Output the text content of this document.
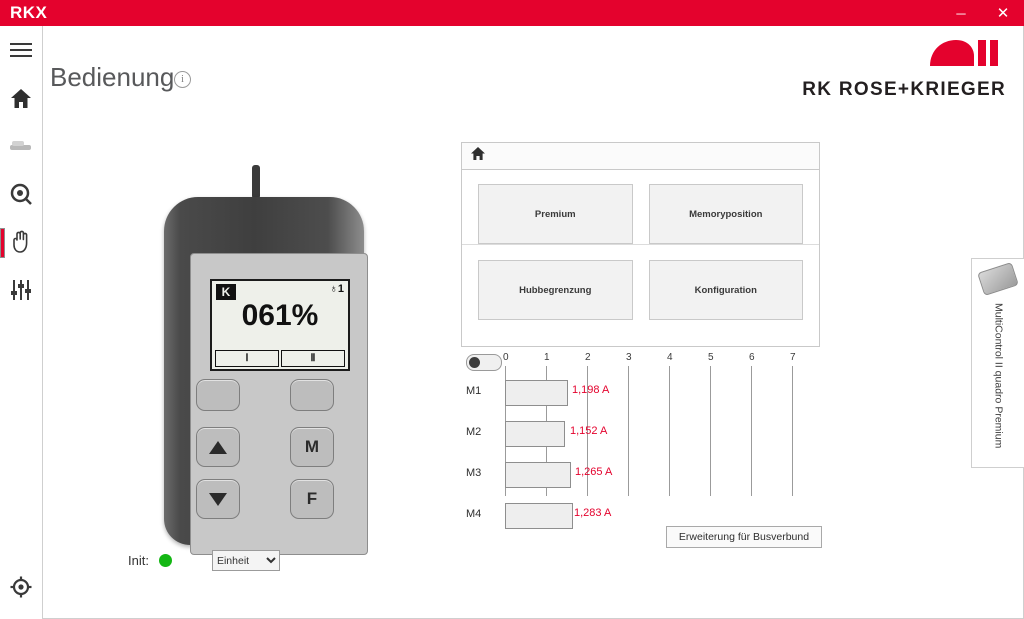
RKX	─	✕
Bedienung i	RK ROSE+KRIEGER
K	♁1
061%
Ⅰ	Ⅱ
M
F
Init:
Einheit
Premium	Memoryposition
Hubbegrenzung	Konfiguration
0	1	2	3	4	5	6	7
M1	1,198 A
M2	1,152 A
M3	1,265 A
M4	1,283 A
Erweiterung für Busverbund
MultiControl II quadro Premium
